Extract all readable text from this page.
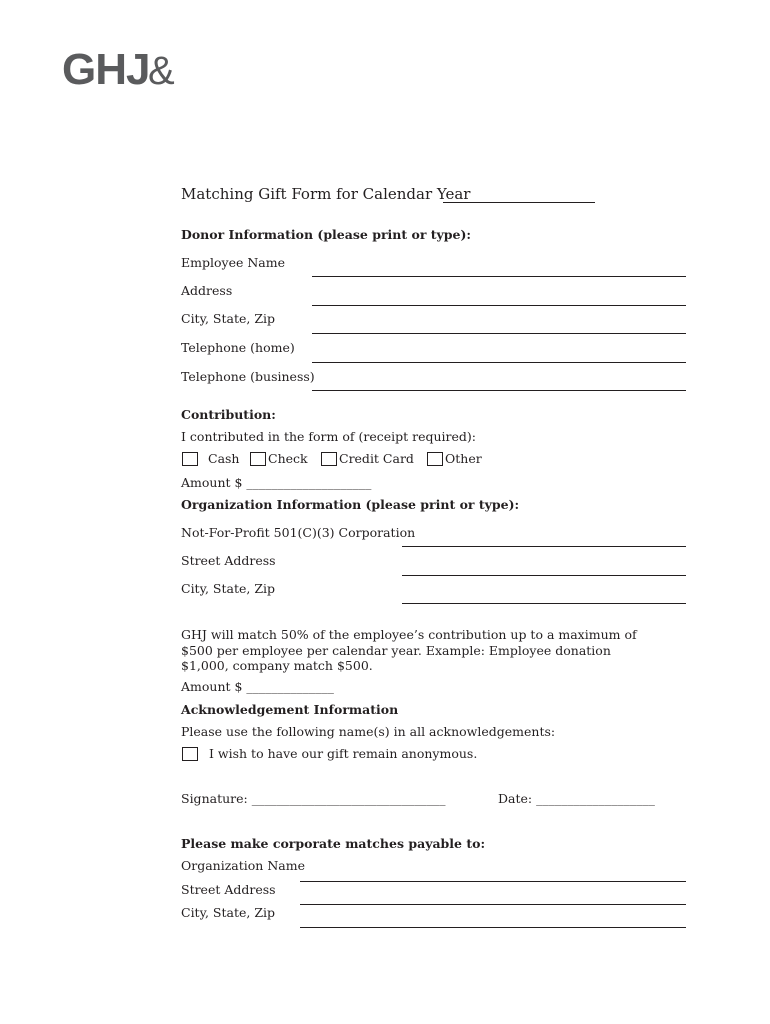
GHJ
&
Matching Gift Form for Calendar Year
Donor Information (please print or type):
Employee Name
Address
City, State, Zip
Telephone (home)
Telephone (business)
Contribution:
I contributed in the form of (receipt required):
Cash Check	Credit Card Other
Amount $ ____________________
Organization Information (please print or type):
Not-For-Profit 501(C)(3) Corporation
Street Address
City, State, Zip
GHJ will match 50% of the employee’s contribution up to a maximum of $500 per employee per calendar year. Example: Employee donation $1,000, company match $500.
Amount $ ______________
Acknowledgement Information
Please use the following name(s) in all acknowledgements:
I wish to have our gift remain anonymous.
Signature: _______________________________	Date: ___________________
Please make corporate matches payable to:
Organization Name
Street Address
City, State, Zip
